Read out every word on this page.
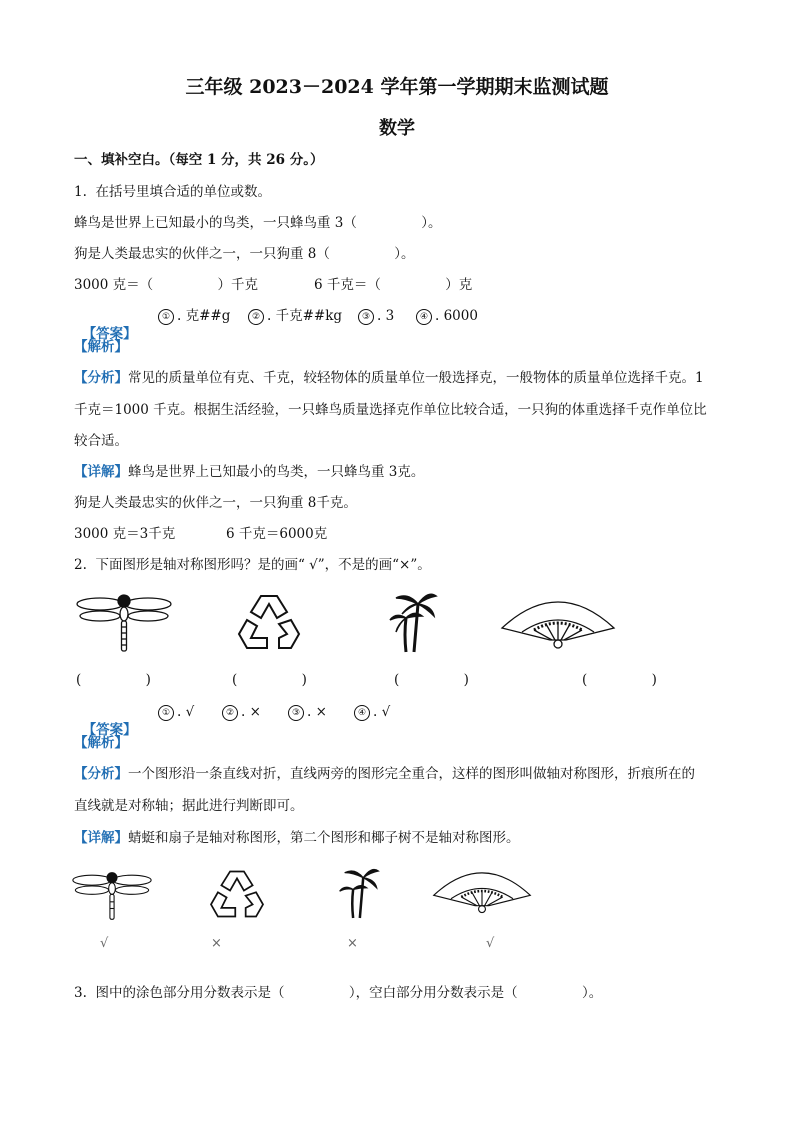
三年级 2023－2024 学年第一学期期末监测试题
数学
一、填补空白。（每空 1 分，共 26 分。）
1.  在括号里填合适的单位或数。
蜂鸟是世界上已知最小的鸟类，一只蜂鸟重 3（               ）。
狗是人类最忠实的伙伴之一，一只狗重 8（               ）。
3000 克＝（               ）千克	6 千克＝（               ）克

【答案】

① . 克##g	② . 千克##kg	③ . 3	④ . 6000
【解析】
【分析】常见的质量单位有克、千克，较轻物体的质量单位一般选择克，一般物体的质量单位选择千克。1
千克＝1000 千克。根据生活经验，一只蜂鸟质量选择克作单位比较合适，一只狗的体重选择千克作单位比
较合适。
【详解】蜂鸟是世界上已知最小的鸟类，一只蜂鸟重 3克。
狗是人类最忠实的伙伴之一，一只狗重 8千克。
3000 克＝3千克	6 千克＝6000克
2.  下面图形是轴对称图形吗？是的画“ √”，不是的画“×”。
(               )	(               )	(               )	(               )

【答案】

① . √	② . ×	③ . ×	④ . √
【解析】
【分析】一个图形沿一条直线对折，直线两旁的图形完全重合，这样的图形叫做轴对称图形，折痕所在的
直线就是对称轴；据此进行判断即可。
【详解】蜻蜓和扇子是轴对称图形，第二个图形和椰子树不是轴对称图形。
√	×	×	√
3.  图中的涂色部分用分数表示是（               ），空白部分用分数表示是（               ）。
